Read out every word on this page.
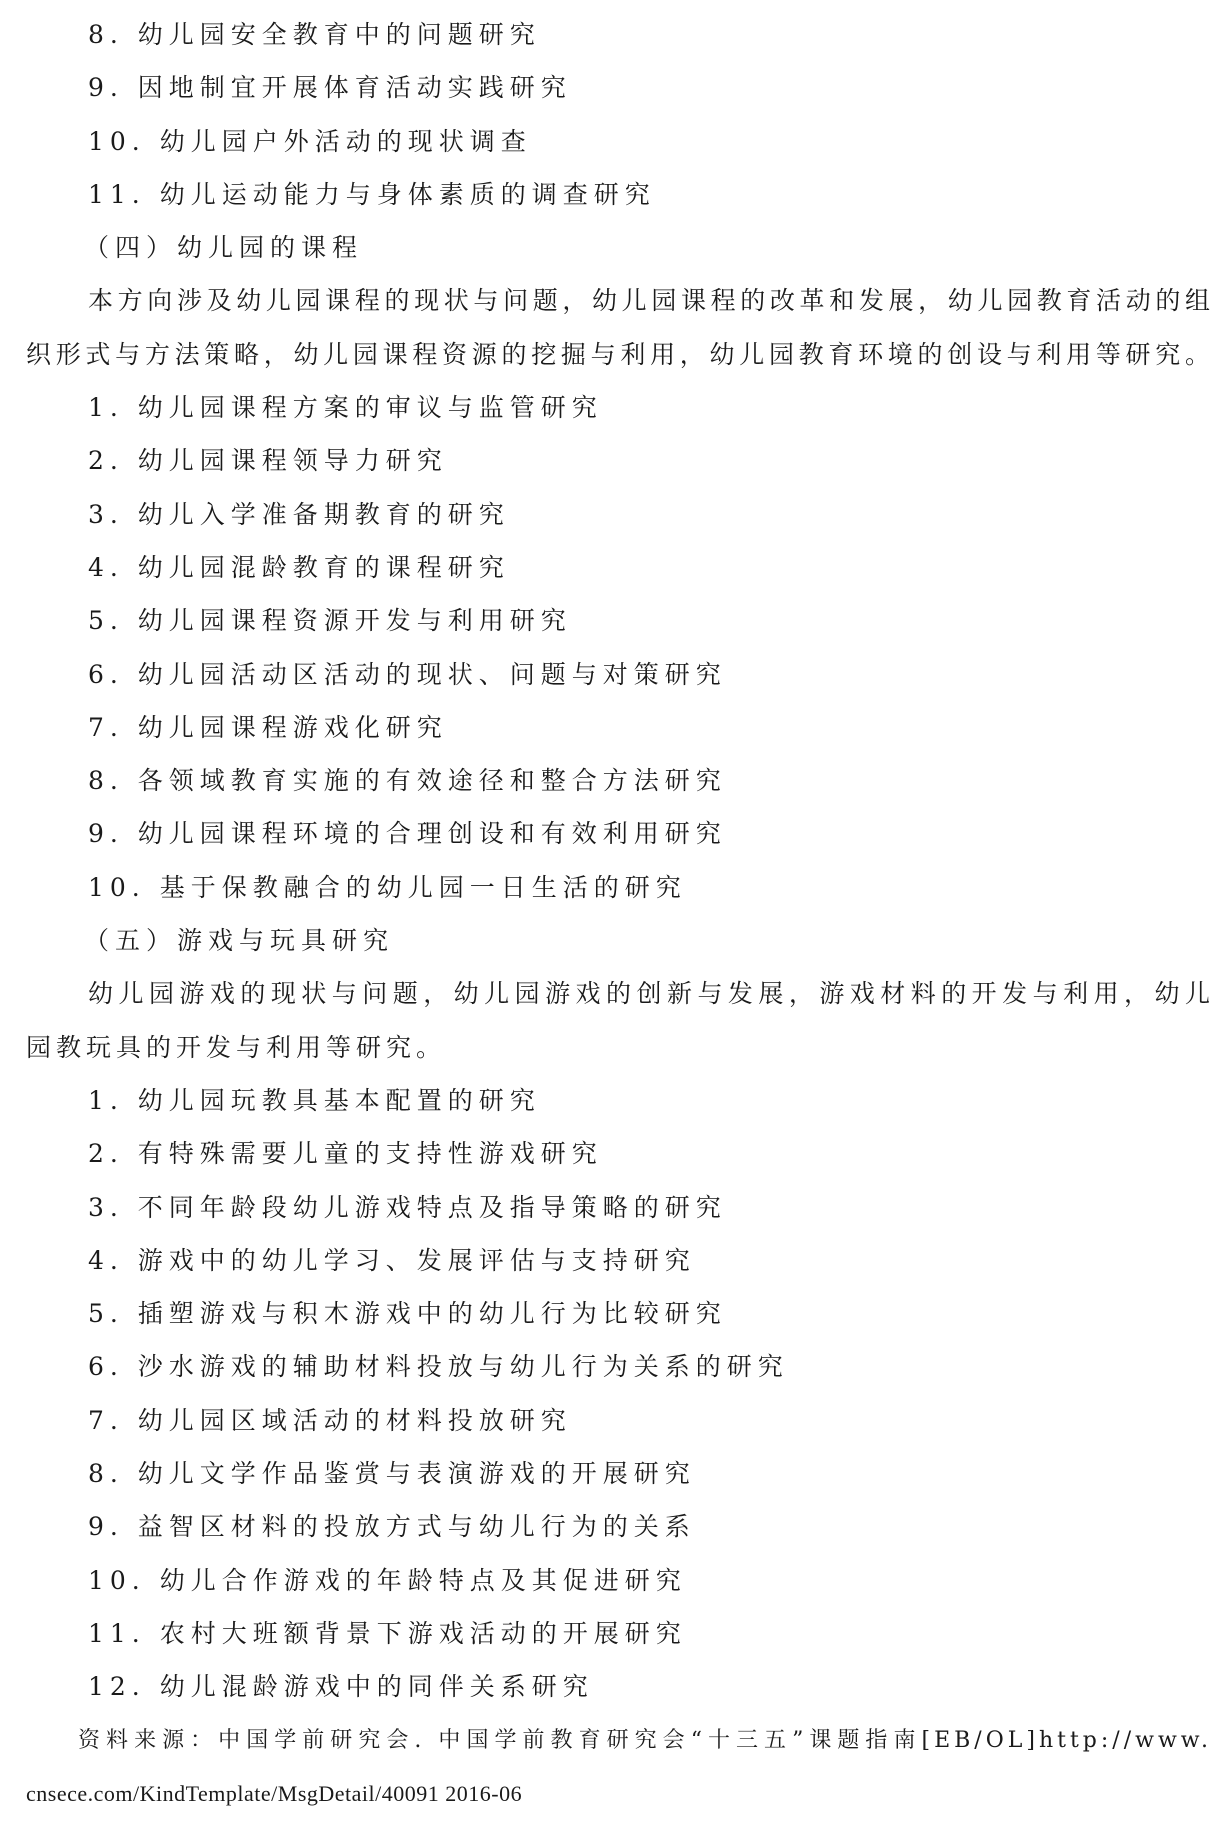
8. 幼儿园安全教育中的问题研究
9. 因地制宜开展体育活动实践研究
10. 幼儿园户外活动的现状调查
11. 幼儿运动能力与身体素质的调查研究
（四）幼儿园的课程
本方向涉及幼儿园课程的现状与问题，幼儿园课程的改革和发展，幼儿园教育活动的组
织形式与方法策略，幼儿园课程资源的挖掘与利用，幼儿园教育环境的创设与利用等研究。
1. 幼儿园课程方案的审议与监管研究
2. 幼儿园课程领导力研究
3. 幼儿入学准备期教育的研究
4. 幼儿园混龄教育的课程研究
5. 幼儿园课程资源开发与利用研究
6. 幼儿园活动区活动的现状、问题与对策研究
7. 幼儿园课程游戏化研究
8. 各领域教育实施的有效途径和整合方法研究
9. 幼儿园课程环境的合理创设和有效利用研究
10. 基于保教融合的幼儿园一日生活的研究
（五）游戏与玩具研究
幼儿园游戏的现状与问题，幼儿园游戏的创新与发展，游戏材料的开发与利用，幼儿
园教玩具的开发与利用等研究。
1. 幼儿园玩教具基本配置的研究
2. 有特殊需要儿童的支持性游戏研究
3. 不同年龄段幼儿游戏特点及指导策略的研究
4. 游戏中的幼儿学习、发展评估与支持研究
5. 插塑游戏与积木游戏中的幼儿行为比较研究
6. 沙水游戏的辅助材料投放与幼儿行为关系的研究
7. 幼儿园区域活动的材料投放研究
8. 幼儿文学作品鉴赏与表演游戏的开展研究
9. 益智区材料的投放方式与幼儿行为的关系
10. 幼儿合作游戏的年龄特点及其促进研究
11. 农村大班额背景下游戏活动的开展研究
12. 幼儿混龄游戏中的同伴关系研究
资料来源：中国学前研究会. 中国学前教育研究会“十三五”课题指南[EB/OL]http://www.
cnsece.com/KindTemplate/MsgDetail/40091 2016-06
